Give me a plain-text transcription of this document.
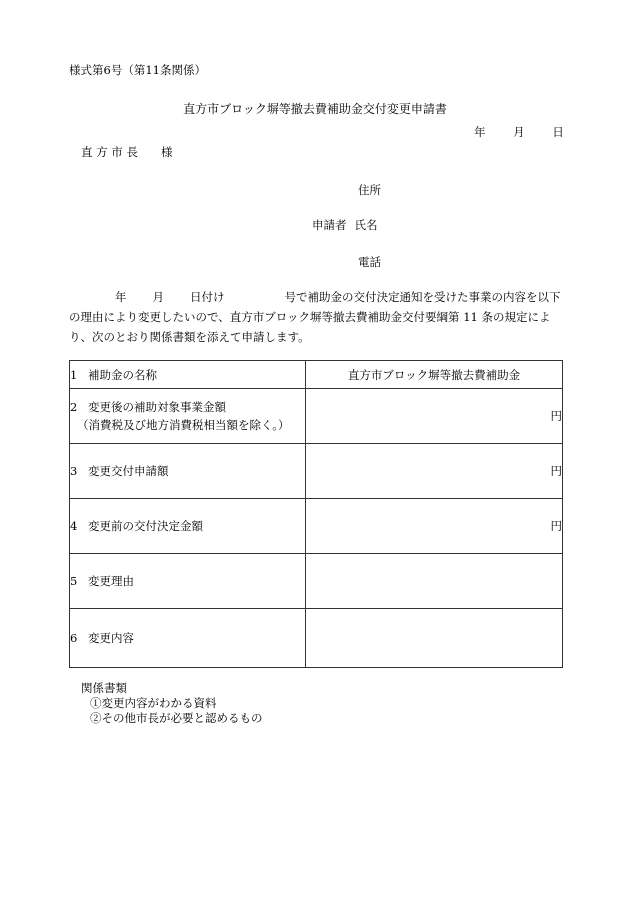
様式第6号（第11条関係）
直方市ブロック塀等撤去費補助金交付変更申請書
年 月 日
直 方 市 長　　様
住所
申請者 氏名
電話
年 月 日付け	号で補助金の交付決定通知を受けた事業の内容を以下の理由により変更したいので、直方市ブロック塀等撤去費補助金交付要綱第 11 条の規定により、次のとおり関係書類を添えて申請します。
1 補助金の名称	直方市ブロック塀等撤去費補助金
2 変更後の補助対象事業金額
（消費税及び地方消費税相当額を除く。）	円
3 変更交付申請額	円
4 変更前の交付決定金額	円
5 変更理由	
6 変更内容	
関係書類
①変更内容がわかる資料
②その他市長が必要と認めるもの
